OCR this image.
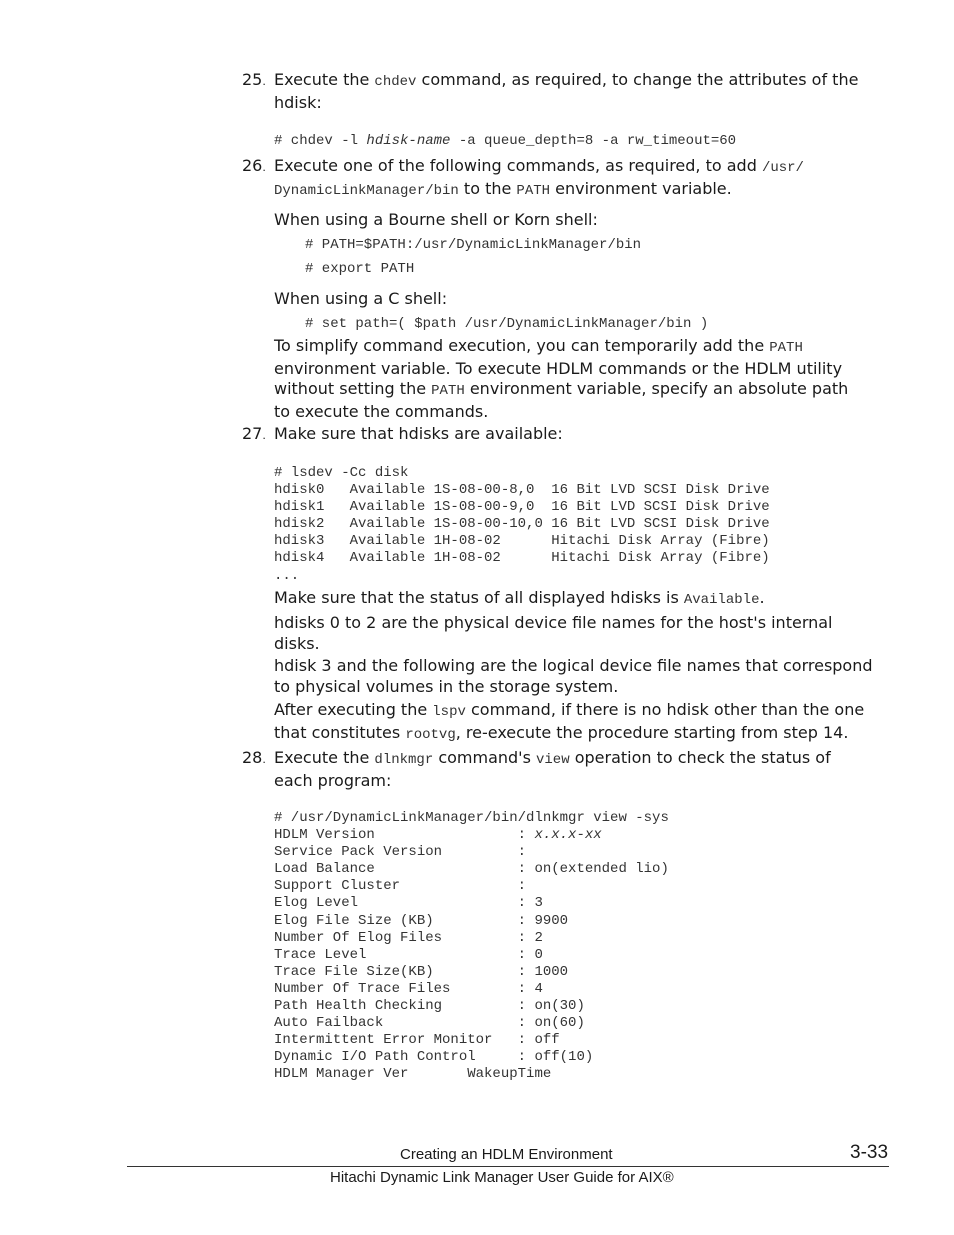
25. Execute the chdev command, as required, to change the attributes of the
hdisk:
# chdev -l hdisk-name -a queue_depth=8 -a rw_timeout=60
26. Execute one of the following commands, as required, to add /usr/
DynamicLinkManager/bin to the PATH environment variable.
When using a Bourne shell or Korn shell:
# PATH=$PATH:/usr/DynamicLinkManager/bin
# export PATH
When using a C shell:
# set path=( $path /usr/DynamicLinkManager/bin )
To simplify command execution, you can temporarily add the PATH
environment variable. To execute HDLM commands or the HDLM utility
without setting the PATH environment variable, specify an absolute path
to execute the commands.
27. Make sure that hdisks are available:
# lsdev -Cc disk
hdisk0   Available 1S-08-00-8,0  16 Bit LVD SCSI Disk Drive
hdisk1   Available 1S-08-00-9,0  16 Bit LVD SCSI Disk Drive
hdisk2   Available 1S-08-00-10,0 16 Bit LVD SCSI Disk Drive
hdisk3   Available 1H-08-02      Hitachi Disk Array (Fibre)
hdisk4   Available 1H-08-02      Hitachi Disk Array (Fibre)
...
Make sure that the status of all displayed hdisks is Available.
hdisks 0 to 2 are the physical device file names for the host's internal
disks.
hdisk 3 and the following are the logical device file names that correspond
to physical volumes in the storage system.
After executing the lspv command, if there is no hdisk other than the one
that constitutes rootvg, re-execute the procedure starting from step 14.
28. Execute the dlnkmgr command's view operation to check the status of
each program:
# /usr/DynamicLinkManager/bin/dlnkmgr view -sys
HDLM Version                 : x.x.x-xx
Service Pack Version         :
Load Balance                 : on(extended lio)
Support Cluster              :
Elog Level                   : 3
Elog File Size (KB)          : 9900
Number Of Elog Files         : 2
Trace Level                  : 0
Trace File Size(KB)          : 1000
Number Of Trace Files        : 4
Path Health Checking         : on(30)
Auto Failback                : on(60)
Intermittent Error Monitor   : off
Dynamic I/O Path Control     : off(10)
HDLM Manager Ver       WakeupTime
Creating an HDLM Environment	3-33
Hitachi Dynamic Link Manager User Guide for AIX®
